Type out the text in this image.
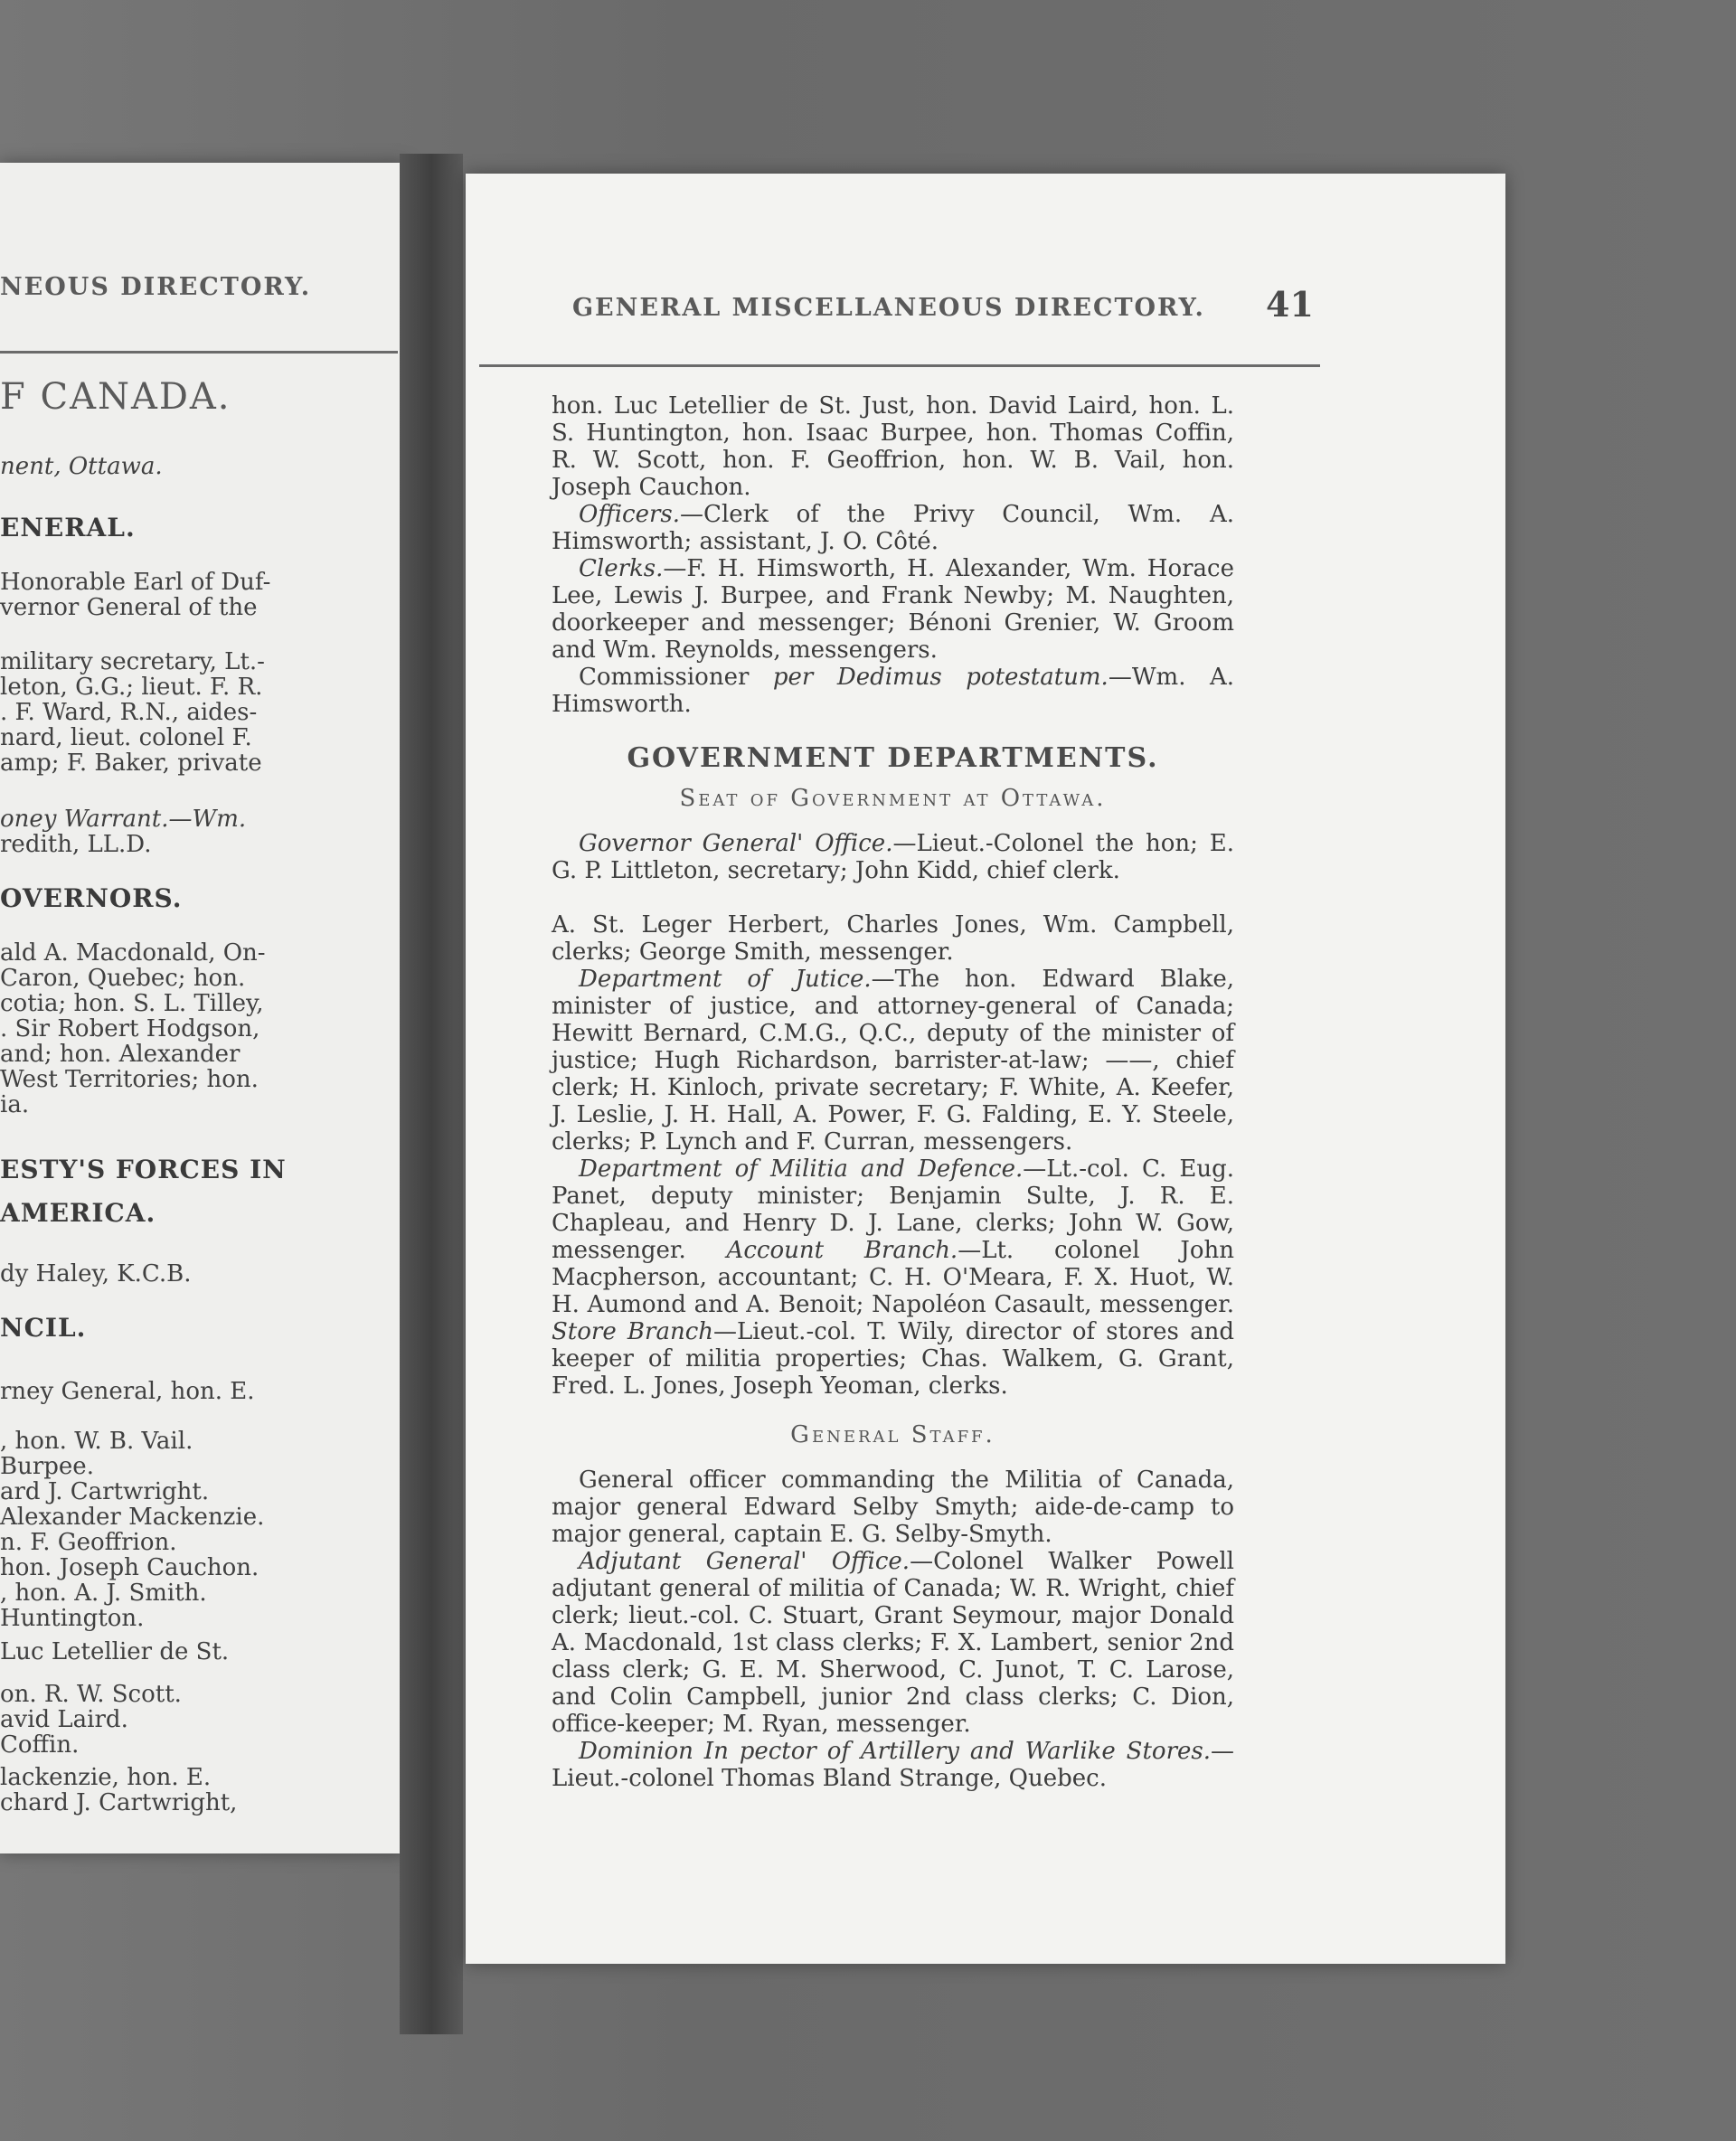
NEOUS DIRECTORY.
F CANADA.
nent, Ottawa.
ENERAL.
Honorable Earl of Duf-
vernor General of the
military secretary, Lt.-
leton, G.G.; lieut. F. R.
. F. Ward, R.N., aides-
nard, lieut. colonel F.
amp; F. Baker, private
oney Warrant.—Wm.
redith, LL.D.
OVERNORS.
ald A. Macdonald, On-
Caron, Quebec; hon.
cotia; hon. S. L. Tilley,
. Sir Robert Hodgson,
and; hon. Alexander
West Territories; hon.
ia.
ESTY'S FORCES IN
AMERICA.
dy Haley, K.C.B.
NCIL.
rney General, hon. E.
, hon. W. B. Vail.
Burpee.
ard J. Cartwright.
Alexander Mackenzie.
n. F. Geoffrion.
hon. Joseph Cauchon.
, hon. A. J. Smith.
Huntington.
Luc Letellier de St.
on. R. W. Scott.
avid Laird.
Coffin.
lackenzie, hon. E.
chard J. Cartwright,
GENERAL MISCELLANEOUS DIRECTORY. 41

hon. Luc Letellier de St. Just, hon. David Laird, hon. L. S. Huntington, hon. Isaac Burpee, hon. Thomas Coffin, R. W. Scott, hon. F. Geoffrion, hon. W. B. Vail, hon. Joseph Cauchon.

Officers.—Clerk of the Privy Council, Wm. A. Himsworth; assistant, J. O. Côté.

Clerks.—F. H. Himsworth, H. Alexander, Wm. Horace Lee, Lewis J. Burpee, and Frank Newby; M. Naughten, doorkeeper and messenger; Bénoni Grenier, W. Groom and Wm. Reynolds, messengers.

Commissioner per Dedimus potestatum.—Wm. A. Himsworth.

GOVERNMENT DEPARTMENTS.
Seat of Government at Ottawa.

Governor General' Office.—Lieut.-Colonel the hon; E. G. P. Littleton, secretary; John Kidd, chief clerk.

A. St. Leger Herbert, Charles Jones, Wm. Campbell, clerks; George Smith, messenger.

Department of Jutice.—The hon. Edward Blake, minister of justice, and attorney-general of Canada; Hewitt Bernard, C.M.G., Q.C., deputy of the minister of justice; Hugh Richardson, barrister-at-law; ——, chief clerk; H. Kinloch, private secretary; F. White, A. Keefer, J. Leslie, J. H. Hall, A. Power, F. G. Falding, E. Y. Steele, clerks; P. Lynch and F. Curran, messengers.

Department of Militia and Defence.—Lt.-col. C. Eug. Panet, deputy minister; Benjamin Sulte, J. R. E. Chapleau, and Henry D. J. Lane, clerks; John W. Gow, messenger. Account Branch.—Lt. colonel John Macpherson, accountant; C. H. O'Meara, F. X. Huot, W. H. Aumond and A. Benoit; Napoléon Casault, messenger. Store Branch—Lieut.-col. T. Wily, director of stores and keeper of militia properties; Chas. Walkem, G. Grant, Fred. L. Jones, Joseph Yeoman, clerks.

General Staff.

General officer commanding the Militia of Canada, major general Edward Selby Smyth; aide-de-camp to major general, captain E. G. Selby-Smyth.

Adjutant General' Office.—Colonel Walker Powell adjutant general of militia of Canada; W. R. Wright, chief clerk; lieut.-col. C. Stuart, Grant Seymour, major Donald A. Macdonald, 1st class clerks; F. X. Lambert, senior 2nd class clerk; G. E. M. Sherwood, C. Junot, T. C. Larose, and Colin Campbell, junior 2nd class clerks; C. Dion, office-keeper; M. Ryan, messenger.

Dominion In pector of Artillery and Warlike Stores.—Lieut.-colonel Thomas Bland Strange, Quebec.
